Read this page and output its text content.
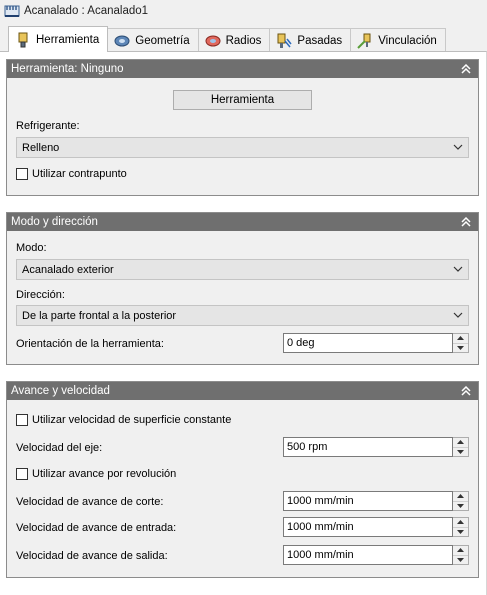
Acanalado : Acanalado1
Herramienta	Geometría	Radios	Pasadas	Vinculación
Herramienta: Ninguno
Herramienta
Refrigerante:
Relleno
Utilizar contrapunto
Modo y dirección
Modo:
Acanalado exterior
Dirección:
De la parte frontal a la posterior
Orientación de la herramienta:	0 deg
Avance y velocidad
Utilizar velocidad de superficie constante
Velocidad del eje:	500 rpm
Utilizar avance por revolución
Velocidad de avance de corte:	1000 mm/min
Velocidad de avance de entrada:	1000 mm/min
Velocidad de avance de salida:	1000 mm/min
